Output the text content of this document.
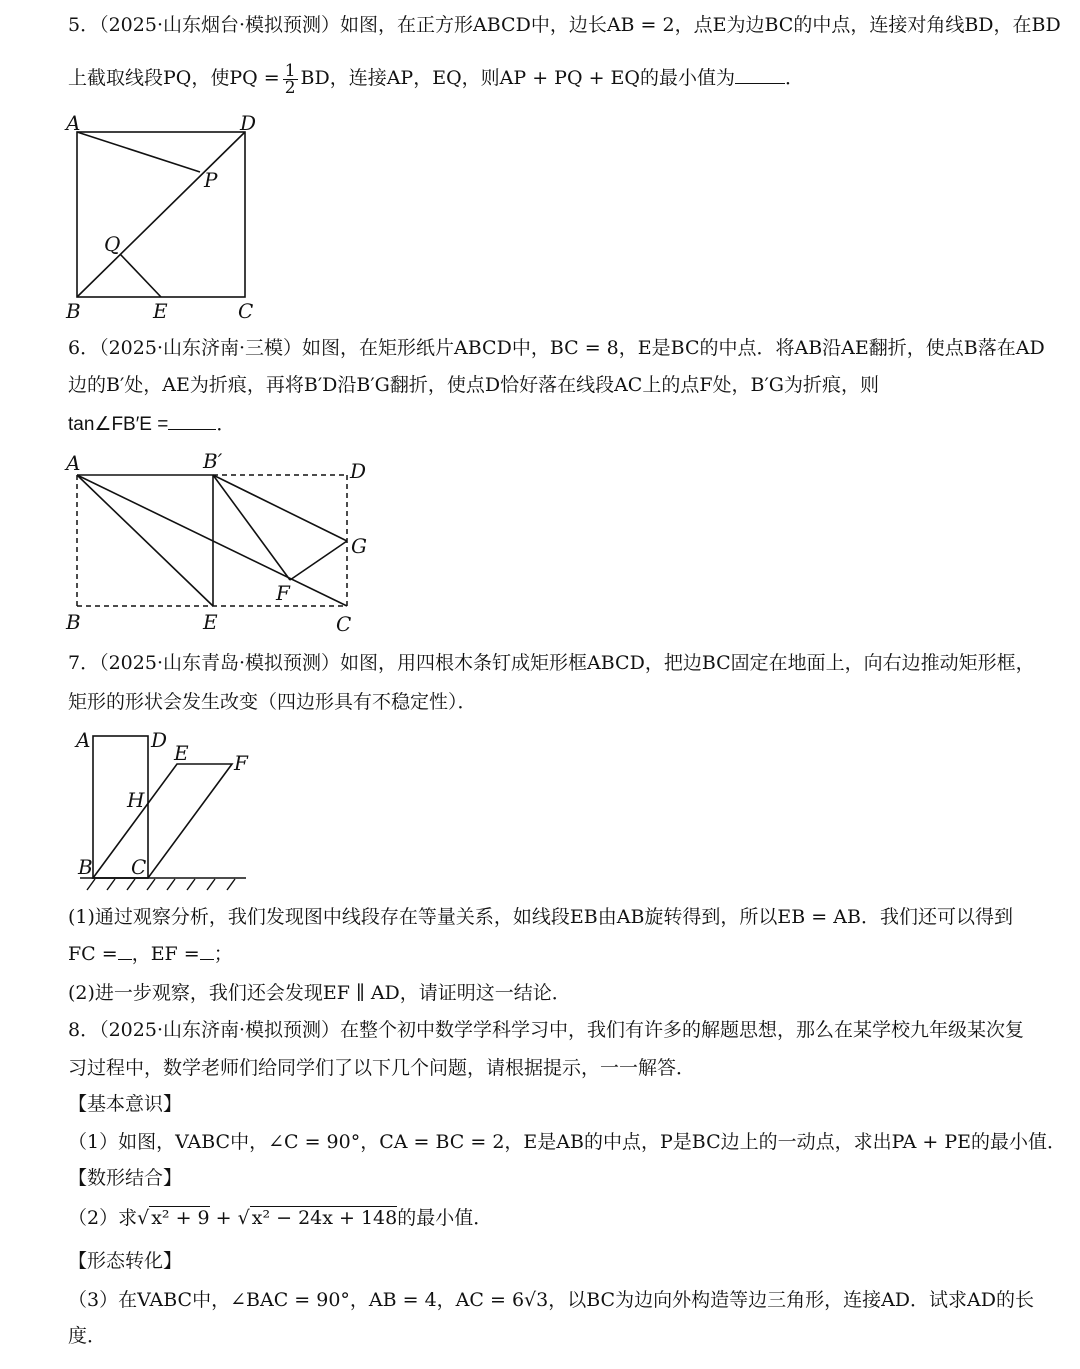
5．（2025·山东烟台·模拟预测）如图，在正方形ABCD中，边长AB = 2，点E为边BC的中点，连接对角线BD，在BD
上截取线段PQ，使PQ = $\frac{1}{2}$ BD，连接AP，EQ，则AP + PQ + EQ的最小值为	．
A	D
P
Q
B	E	C
6．（2025·山东济南·三模）如图，在矩形纸片ABCD中，BC = 8，E是BC的中点．将AB沿AE翻折，使点B落在AD
边的B′处，AE为折痕，再将B′D沿B′G翻折，使点D恰好落在线段AC上的点F处，B′G为折痕，则
tan∠FB′E =	．
A	B′	D
G
F
B	E	C
7．（2025·山东青岛·模拟预测）如图，用四根木条钉成矩形框ABCD，把边BC固定在地面上，向右边推动矩形框，
矩形的形状会发生改变（四边形具有不稳定性）．
A	D
E F
H
B C
(1)通过观察分析，我们发现图中线段存在等量关系，如线段EB由AB旋转得到，所以EB = AB．我们还可以得到
FC = ，EF = ；
(2)进一步观察，我们还会发现EF ∥ AD，请证明这一结论．
8．（2025·山东济南·模拟预测）在整个初中数学学科学习中，我们有许多的解题思想，那么在某学校九年级某次复
习过程中，数学老师们给同学们了以下几个问题，请根据提示，一一解答．
【基本意识】
（1）如图，VABC中，∠C = 90°，CA = BC = 2，E是AB的中点，P是BC边上的一动点，求出PA + PE的最小值．
【数形结合】
（2）求√ x² + 9 + √ x² − 24x + 148的最小值．
【形态转化】
（3）在VABC中，∠BAC = 90°，AB = 4，AC = 6√3，以BC为边向外构造等边三角形，连接AD．试求AD的长
度．
